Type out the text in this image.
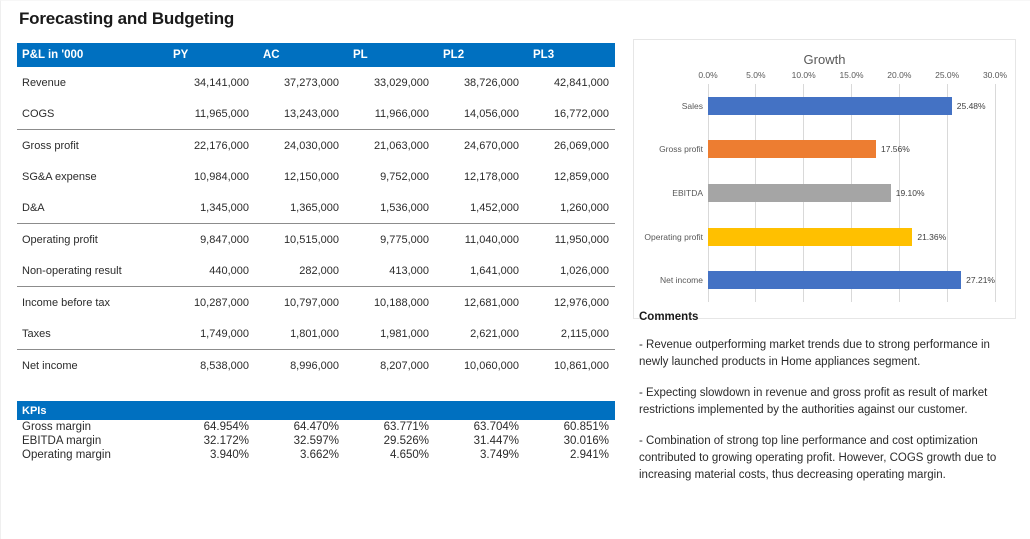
Forecasting and Budgeting
P&L in '000	PY	AC	PL	PL2	PL3
Revenue	34,141,000	37,273,000	33,029,000	38,726,000	42,841,000
COGS	11,965,000	13,243,000	11,966,000	14,056,000	16,772,000
Gross profit	22,176,000	24,030,000	21,063,000	24,670,000	26,069,000
SG&A expense	10,984,000	12,150,000	9,752,000	12,178,000	12,859,000
D&A	1,345,000	1,365,000	1,536,000	1,452,000	1,260,000
Operating profit	9,847,000	10,515,000	9,775,000	11,040,000	11,950,000
Non-operating result	440,000	282,000	413,000	1,641,000	1,026,000
Income before tax	10,287,000	10,797,000	10,188,000	12,681,000	12,976,000
Taxes	1,749,000	1,801,000	1,981,000	2,621,000	2,115,000
Net income	8,538,000	8,996,000	8,207,000	10,060,000	10,861,000
KPIs					
Gross margin	64.954%	64.470%	63.771%	63.704%	60.851%
EBITDA margin	32.172%	32.597%	29.526%	31.447%	30.016%
Operating margin	3.940%	3.662%	4.650%	3.749%	2.941%
Growth
0.0%	5.0%	10.0%	15.0%	20.0%	25.0%	30.0%
Sales	25.48%
Gross profit	17.56%
EBITDA	19.10%
Operating profit	21.36%
Net income	27.21%
Comments
- Revenue outperforming market trends due to strong performance in newly launched products in Home appliances segment.
- Expecting slowdown in revenue and gross profit as result of market restrictions implemented by the authorities against our customer.
- Combination of strong top line performance and cost optimization contributed to growing operating profit. However, COGS growth due to increasing material costs, thus decreasing operating margin.
